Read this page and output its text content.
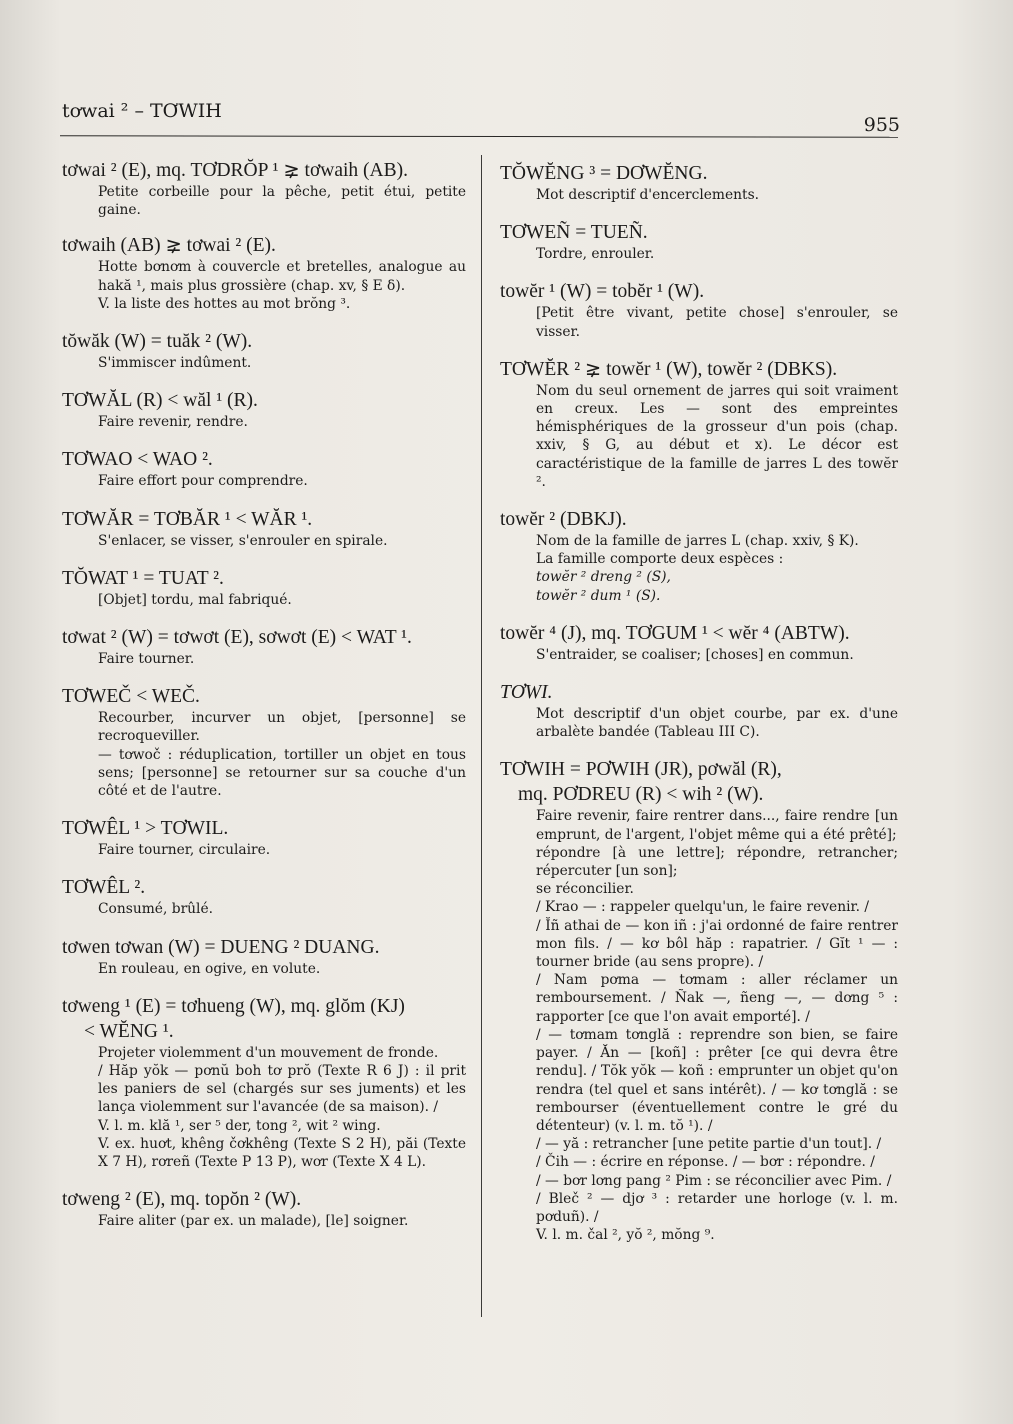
tơwai ² – TƠWIH
955
tơwai ² (E), mq. TƠDRŎP ¹ ⪈ tơwaih (AB).

Petite corbeille pour la pêche, petit étui, petite gaine.

tơwaih (AB) ⪈ tơwai ² (E).

Hotte bơnơm à couvercle et bretelles, analogue au hakă ¹, mais plus grossière (chap. xv, § E δ).

V. la liste des hottes au mot brŏng ³.

tŏwăk (W) = tuăk ² (W).

S'immiscer indûment.

TƠWĂL (R) < wăl ¹ (R).

Faire revenir, rendre.

TƠWAO < WAO ².

Faire effort pour comprendre.

TƠWĂR = TƠBĂR ¹ < WĂR ¹.

S'enlacer, se visser, s'enrouler en spirale.

TŎWAT ¹ = TUAT ².

[Objet] tordu, mal fabriqué.

tơwat ² (W) = tơwơt (E), sơwơt (E) < WAT ¹.

Faire tourner.

TƠWEČ < WEČ.

Recourber, incurver un objet, [personne] se recroqueviller.

— tơwoč : réduplication, tortiller un objet en tous sens; [personne] se retourner sur sa couche d'un côté et de l'autre.

TƠWÊL ¹ > TƠWIL.

Faire tourner, circulaire.

TƠWÊL ².

Consumé, brûlé.

tơwen tơwan (W) = DUENG ² DUANG.

En rouleau, en ogive, en volute.

tơweng ¹ (E) = tơhueng (W), mq. glŏm (KJ)
< WĔNG ¹.

Projeter violemment d'un mouvement de fronde.

/ Hăp yŏk — pơnŭ boh tơ prŏ (Texte R 6 J) : il prit les paniers de sel (chargés sur ses juments) et les lança violemment sur l'avancée (de sa maison). /

V. l. m. klă ¹, ser ⁵ der, tong ², wit ² wing.

V. ex. huơt, khêng čơkhêng (Texte S 2 H), păi (Texte X 7 H), rơreñ (Texte P 13 P), wơr (Texte X 4 L).

tơweng ² (E), mq. topŏn ² (W).

Faire aliter (par ex. un malade), [le] soigner.

TŎWĔNG ³ = DƠWĔNG.

Mot descriptif d'encerclements.

TƠWEÑ = TUEÑ.

Tordre, enrouler.

towĕr ¹ (W) = tobĕr ¹ (W).

[Petit être vivant, petite chose] s'enrouler, se visser.

TƠWĔR ² ⪈ towĕr ¹ (W), towĕr ² (DBKS).

Nom du seul ornement de jarres qui soit vraiment en creux. Les — sont des empreintes hémisphériques de la grosseur d'un pois (chap. xxiv, § G, au début et x). Le décor est caractéristique de la famille de jarres L des towĕr ².

towĕr ² (DBKJ).

Nom de la famille de jarres L (chap. xxiv, § K).

La famille comporte deux espèces :

towĕr ² dreng ² (S),

towĕr ² dum ¹ (S).

towĕr ⁴ (J), mq. TƠGUM ¹ < wĕr ⁴ (ABTW).

S'entraider, se coaliser; [choses] en commun.

TƠWI.

Mot descriptif d'un objet courbe, par ex. d'une arbalète bandée (Tableau III C).

TƠWIH = PƠWIH (JR), pơwăl (R),
mq. PƠDREU (R) < wih ² (W).

Faire revenir, faire rentrer dans..., faire rendre [un emprunt, de l'argent, l'objet même qui a été prêté];

répondre [à une lettre]; répondre, retrancher; répercuter [un son];

se réconcilier.

/ Krao — : rappeler quelqu'un, le faire revenir. /

/ Ĭñ athai de — kon iñ : j'ai ordonné de faire rentrer mon fils. / — kơ bôl hăp : rapatrier. / Gĭt ¹ — : tourner bride (au sens propre). /

/ Nam pơma — tơmam : aller réclamer un remboursement. / Ñak —, ñeng —, — dơng ⁵ : rapporter [ce que l'on avait emporté]. /

/ — tơmam tơnglă : reprendre son bien, se faire payer. / Ăn — [koñ] : prêter [ce qui devra être rendu]. / Tŏk yŏk — koñ : emprunter un objet qu'on rendra (tel quel et sans intérêt). / — kơ tơnglă : se rembourser (éventuellement contre le gré du détenteur) (v. l. m. tŏ ¹). /

/ — yă : retrancher [une petite partie d'un tout]. /

/ Čih — : écrire en réponse. / — bơr : répondre. /

/ — bơr lơng pang ² Pim : se réconcilier avec Pim. /

/ Bleč ² — djơ ³ : retarder une horloge (v. l. m. pơduñ). /

V. l. m. čal ², yŏ ², mŏng ⁹.
